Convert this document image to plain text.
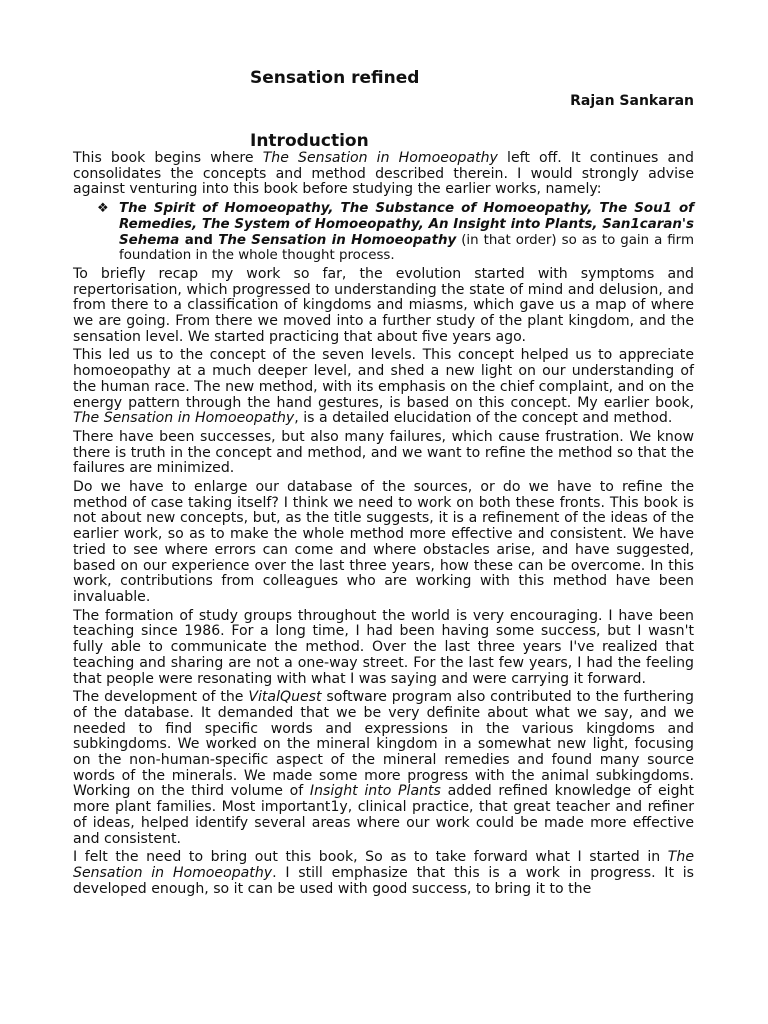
Sensation refined
Rajan Sankaran
Introduction

This book begins where The Sensation in Homoeopathy left off. It continues and consolidates the concepts and method described therein. I would strongly advise against venturing into this book before studying the earlier works, namely:

❖ The Spirit of Homoeopathy, The Substance of Homoeopathy, The Sou1 of Remedies, The System of Homoeopathy, An Insight into Plants, San1caran's Sehema and The Sensation in Homoeopathy (in that order) so as to gain a firm foundation in the whole thought process.

To briefly recap my work so far, the evolution started with symptoms and repertorisation, which progressed to understanding the state of mind and delusion, and from there to a classification of kingdoms and miasms, which gave us a map of where we are going. From there we moved into a further study of the plant kingdom, and the sensation level. We started practicing that about five years ago.

This led us to the concept of the seven levels. This concept helped us to appreciate homoeopathy at a much deeper level, and shed a new light on our understanding of the human race. The new method, with its emphasis on the chief complaint, and on the energy pattern through the hand gestures, is based on this concept. My earlier book, The Sensation in Homoeopathy, is a detailed elucidation of the concept and method.

There have been successes, but also many failures, which cause frustration. We know there is truth in the concept and method, and we want to refine the method so that the failures are minimized.

Do we have to enlarge our database of the sources, or do we have to refine the method of case taking itself? I think we need to work on both these fronts. This book is not about new concepts, but, as the title suggests, it is a refinement of the ideas of the earlier work, so as to make the whole method more effective and consistent. We have tried to see where errors can come and where obstacles arise, and have suggested, based on our experience over the last three years, how these can be overcome. In this work, contributions from colleagues who are working with this method have been invaluable.

The formation of study groups throughout the world is very encouraging. I have been teaching since 1986. For a long time, I had been having some success, but I wasn't fully able to communicate the method. Over the last three years I've realized that teaching and sharing are not a one-way street. For the last few years, I had the feeling that people were resonating with what I was saying and were carrying it forward.

The development of the VitalQuest software program also contributed to the furthering of the database. It demanded that we be very definite about what we say, and we needed to find specific words and expressions in the various kingdoms and subkingdoms. We worked on the mineral kingdom in a somewhat new light, focusing on the non-human-specific aspect of the mineral remedies and found many source words of the minerals. We made some more progress with the animal subkingdoms. Working on the third volume of Insight into Plants added refined knowledge of eight more plant families. Most important1y, clinical practice, that great teacher and refiner of ideas, helped identify several areas where our work could be made more effective and consistent.

I felt the need to bring out this book, So as to take forward what I started in The Sensation in Homoeopathy. I still emphasize that this is a work in progress. It is developed enough, so it can be used with good success, to bring it to the
